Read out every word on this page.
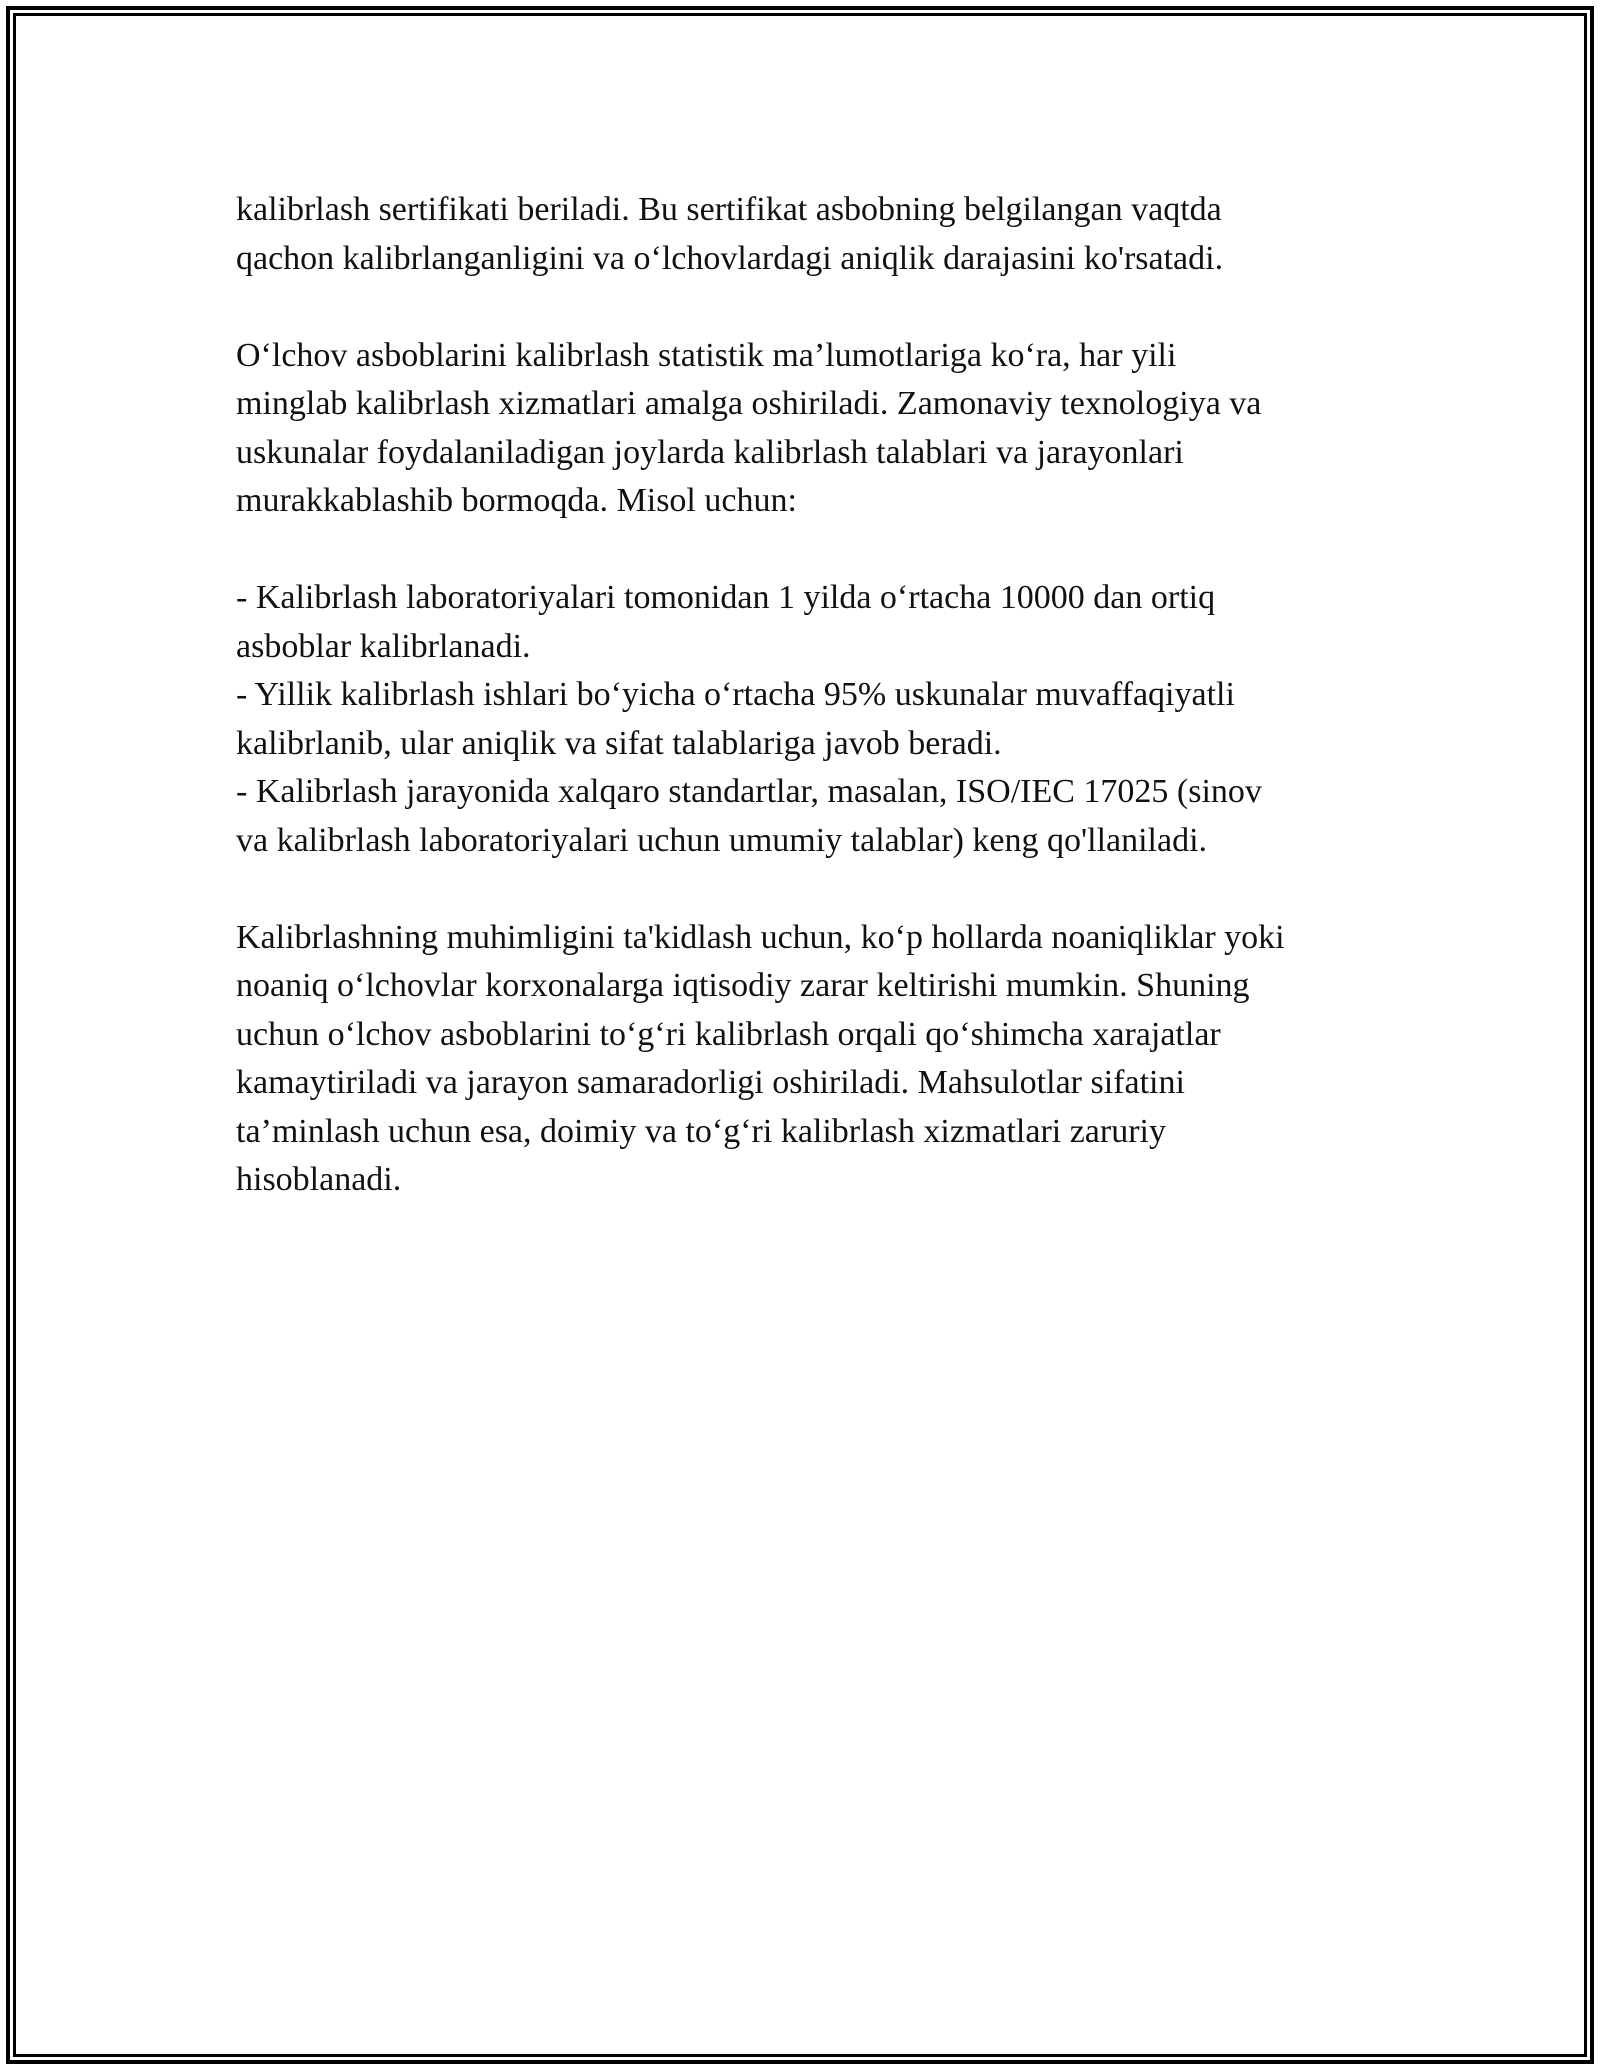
kalibrlash sertifikati beriladi. Bu sertifikat asbobning belgilangan vaqtda
qachon kalibrlanganligini va o‘lchovlardagi aniqlik darajasini ko'rsatadi.
O‘lchov asboblarini kalibrlash statistik ma’lumotlariga ko‘ra, har yili
minglab kalibrlash xizmatlari amalga oshiriladi. Zamonaviy texnologiya va
uskunalar foydalaniladigan joylarda kalibrlash talablari va jarayonlari
murakkablashib bormoqda. Misol uchun:
- Kalibrlash laboratoriyalari tomonidan 1 yilda o‘rtacha 10000 dan ortiq
asboblar kalibrlanadi.
- Yillik kalibrlash ishlari bo‘yicha o‘rtacha 95% uskunalar muvaffaqiyatli
kalibrlanib, ular aniqlik va sifat talablariga javob beradi.
- Kalibrlash jarayonida xalqaro standartlar, masalan, ISO/IEC 17025 (sinov
va kalibrlash laboratoriyalari uchun umumiy talablar) keng qo'llaniladi.
Kalibrlashning muhimligini ta'kidlash uchun, ko‘p hollarda noaniqliklar yoki
noaniq o‘lchovlar korxonalarga iqtisodiy zarar keltirishi mumkin. Shuning
uchun o‘lchov asboblarini to‘g‘ri kalibrlash orqali qo‘shimcha xarajatlar
kamaytiriladi va jarayon samaradorligi oshiriladi. Mahsulotlar sifatini
ta’minlash uchun esa, doimiy va to‘g‘ri kalibrlash xizmatlari zaruriy
hisoblanadi.
